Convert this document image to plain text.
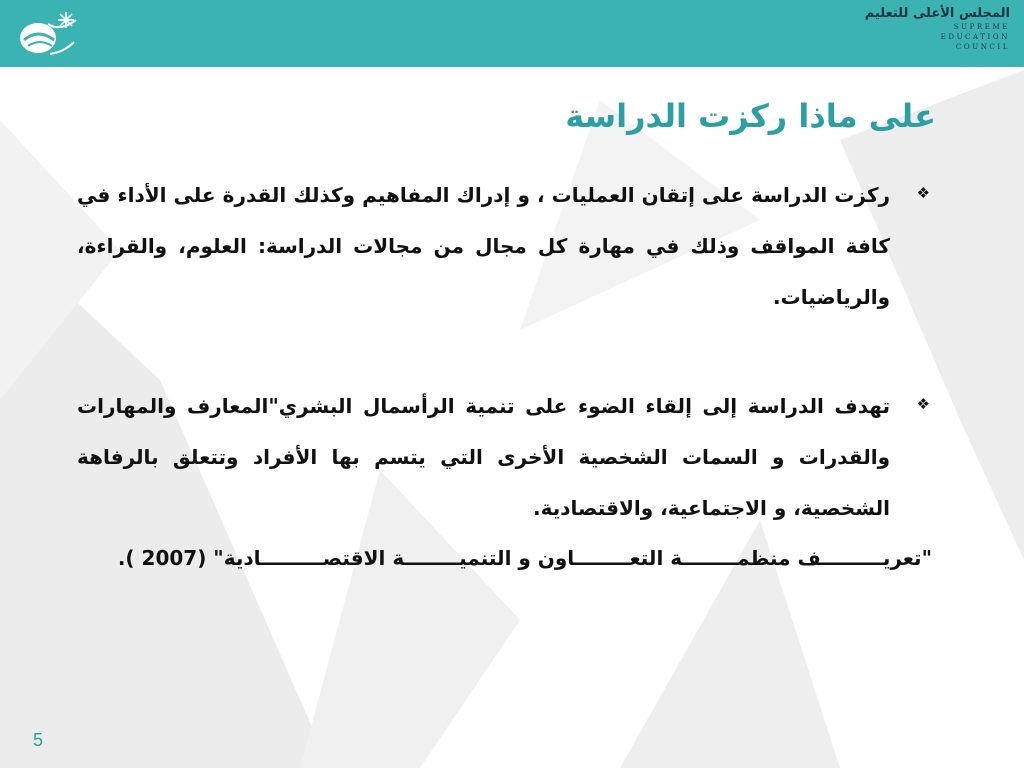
المجلس الأعلى للتعليم
SUPREME
EDUCATION
COUNCIL
على ماذا ركزت الدراسة

❖
ركزت الدراسة على إتقان العمليات ، و إدراك المفاهيم وكذلك القدرة على الأداء في كافة المواقف وذلك في مهارة كل مجال من مجالات الدراسة: العلوم، والقراءة، والرياضيات.

❖
تهدف الدراسة إلى إلقاء الضوء على تنمية الرأسمال البشري"المعارف والمهارات والقدرات و السمات الشخصية الأخرى التي يتسم بها الأفراد وتتعلق بالرفاهة الشخصية، و الاجتماعية، والاقتصادية.

"تعريـــــــــف منظمــــــــة التعــــــــاون و التنميــــــــة الاقتصـــــــــادية" (2007 ).

5
